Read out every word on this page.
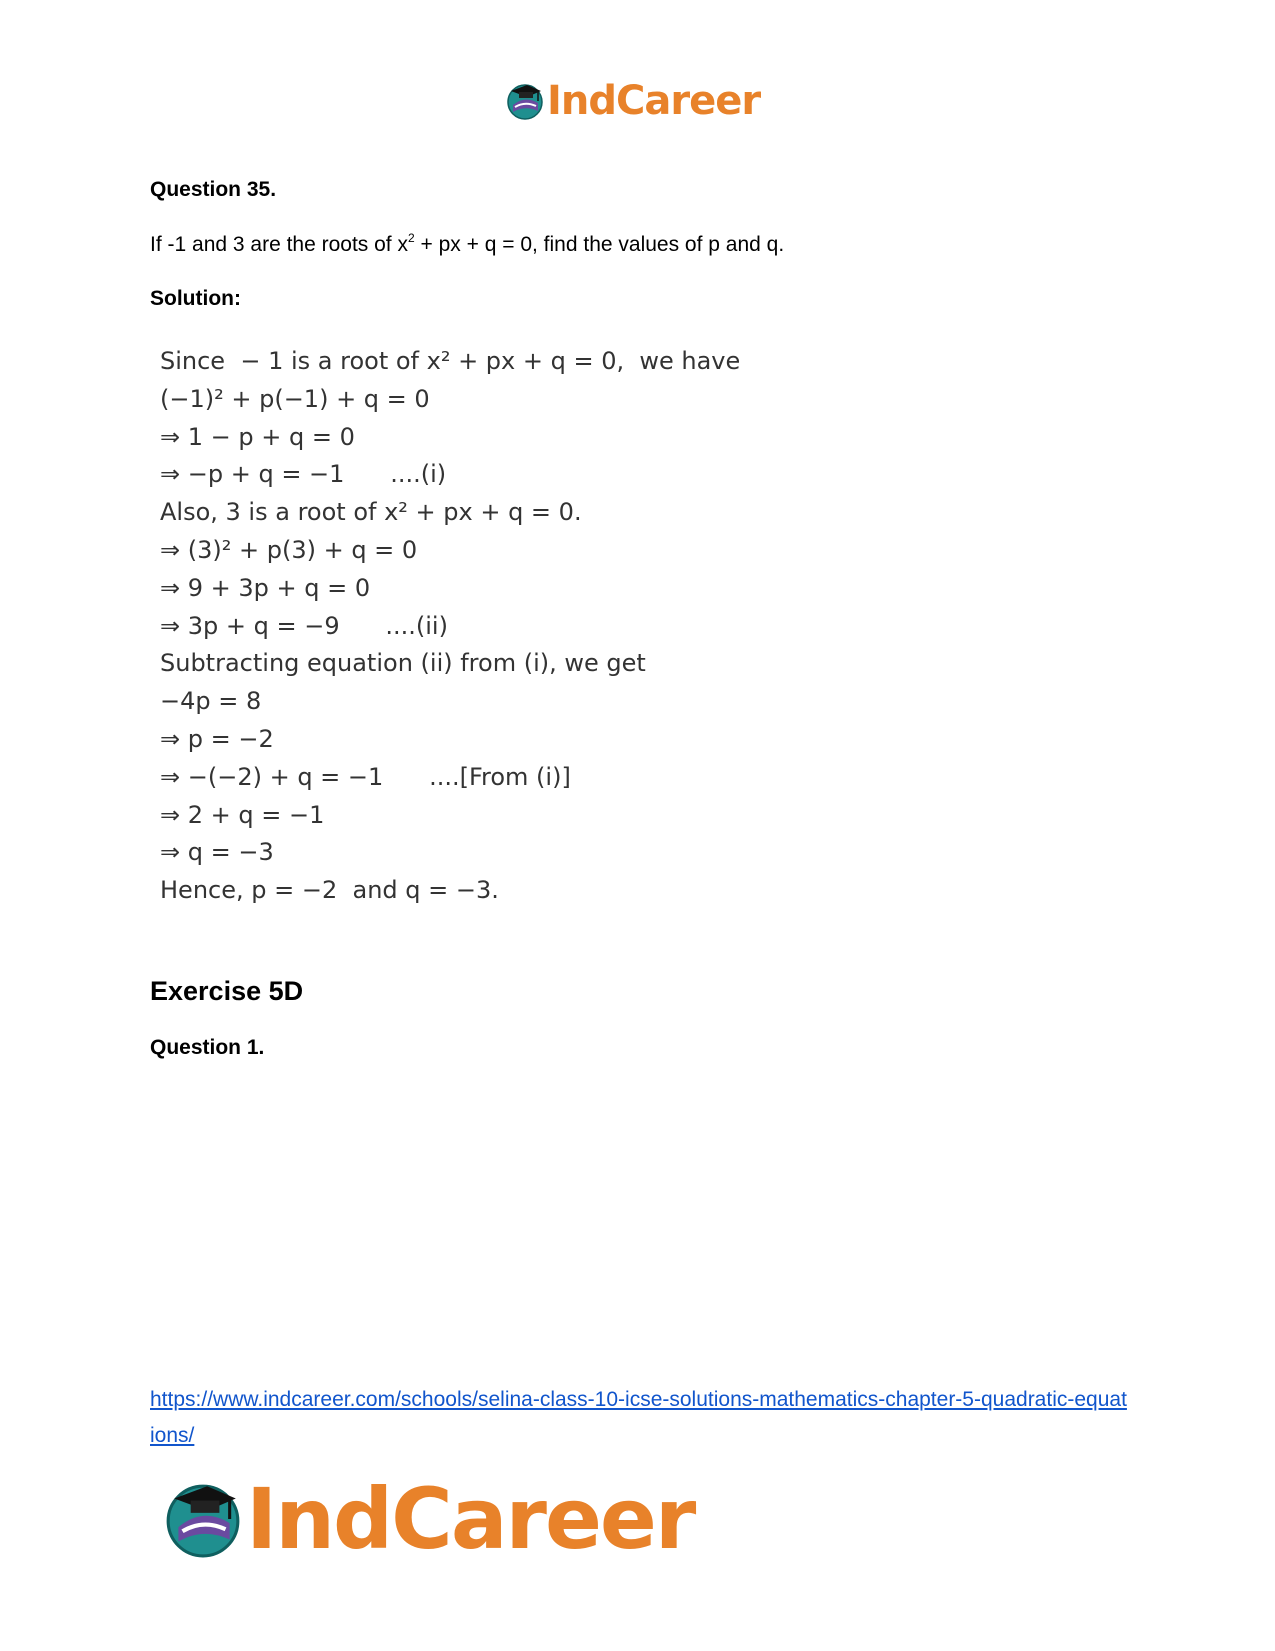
IndCareer

Question 35.

If -1 and 3 are the roots of $x^2$ + px + q = 0, find the values of p and q.

Solution:

Since  − 1 is a root of x² + px + q = 0,  we have
(−1)² + p(−1) + q = 0
⇒ 1 − p + q = 0
⇒ −p + q = −1      ....(i)
Also, 3 is a root of x² + px + q = 0.
⇒ (3)² + p(3) + q = 0
⇒ 9 + 3p + q = 0
⇒ 3p + q = −9      ....(ii)
Subtracting equation (ii) from (i), we get
−4p = 8
⇒ p = −2
⇒ −(−2) + q = −1      ....[From (i)]
⇒ 2 + q = −1
⇒ q = −3
Hence, p = −2  and q = −3.

Exercise 5D

Question 1.

https://www.indcareer.com/schools/selina-class-10-icse-solutions-mathematics-chapter-5-quadratic-equations/
IndCareer
